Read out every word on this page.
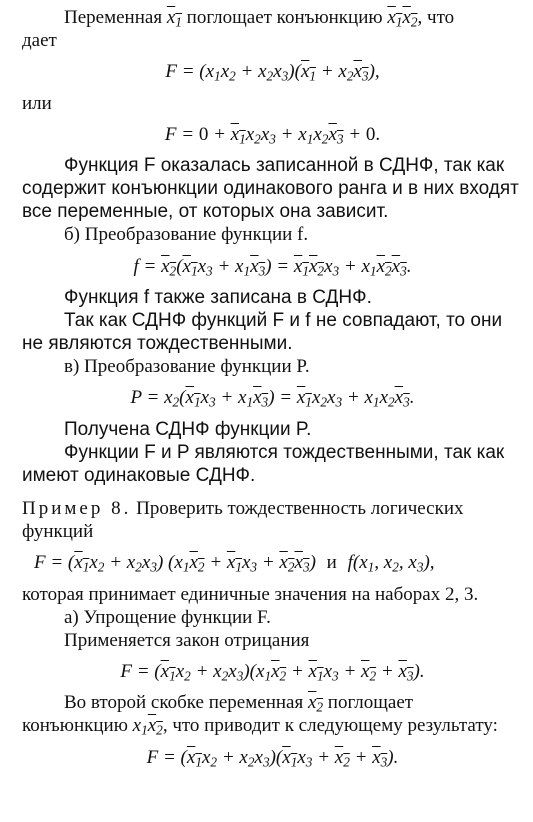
Переменная $x_1$ поглощает конъюнкцию $x_1x_2$, что
дает

$F = (x_1x_2 + x_2x_3)(x_1 + x_2x_3)$,

или

$F = 0 + x_1x_2x_3 + x_1x_2x_3 + 0$.

Функция F оказалась записанной в СДНФ, так как содержит конъюнкции одинакового ранга и в них входят все переменные, от которых она зависит.

б) Преобразование функции f.

$f = x_2(x_1x_3 + x_1x_3) = x_1x_2x_3 + x_1x_2x_3$.

Функция f также записана в СДНФ.

Так как СДНФ функций F и f не совпадают, то они не являются тождественными.

в) Преобразование функции P.

$P = x_2(x_1x_3 + x_1x_3) = x_1x_2x_3 + x_1x_2x_3$.

Получена СДНФ функции P.

Функции F и P являются тождественными, так как имеют одинаковые СДНФ.

Пример 8. Проверить тождественность логических функций

$F = (x_1x_2 + x_2x_3) (x_1x_2 + x_1x_3 + x_2x_3)$ и $f(x_1$, $x_2$, $x_3$),

которая принимает единичные значения на наборах 2, 3.

а) Упрощение функции F.

Применяется закон отрицания

$F = (x_1x_2 + x_2x_3)(x_1x_2 + x_1x_3 + x_2 + x_3)$.

Во второй скобке переменная $x_2$ поглощает конъюнкцию $x_1x_2$, что приводит к следующему результату:

$F = (x_1x_2 + x_2x_3)(x_1x_3 + x_2 + x_3)$.
